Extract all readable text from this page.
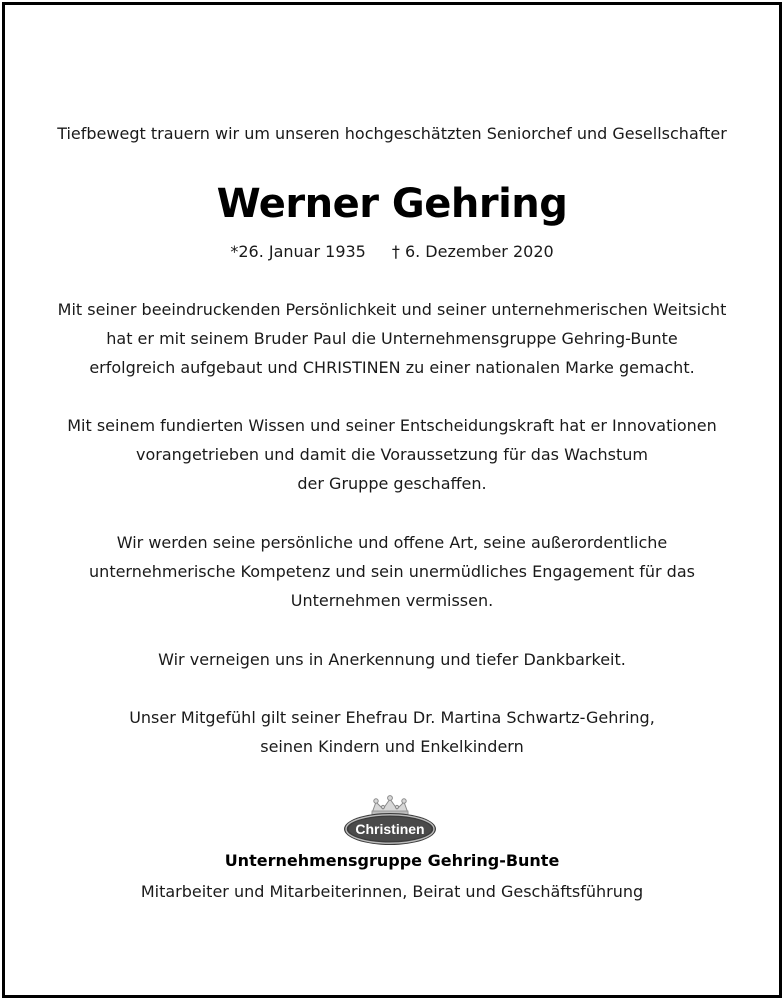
Tiefbewegt trauern wir um unseren hochgeschätzten Seniorchef und Gesellschafter
Werner Gehring
*26. Januar 1935 † 6. Dezember 2020
Mit seiner beeindruckenden Persönlichkeit und seiner unternehmerischen Weitsicht
hat er mit seinem Bruder Paul die Unternehmensgruppe Gehring-Bunte
erfolgreich aufgebaut und CHRISTINEN zu einer nationalen Marke gemacht.
Mit seinem fundierten Wissen und seiner Entscheidungskraft hat er Innovationen
vorangetrieben und damit die Voraussetzung für das Wachstum
der Gruppe geschaffen.
Wir werden seine persönliche und offene Art, seine außerordentliche
unternehmerische Kompetenz und sein unermüdliches Engagement für das
Unternehmen vermissen.
Wir verneigen uns in Anerkennung und tiefer Dankbarkeit.
Unser Mitgefühl gilt seiner Ehefrau Dr. Martina Schwartz-Gehring,
seinen Kindern und Enkelkindern
Christinen
Unternehmensgruppe Gehring-Bunte
Mitarbeiter und Mitarbeiterinnen, Beirat und Geschäftsführung
